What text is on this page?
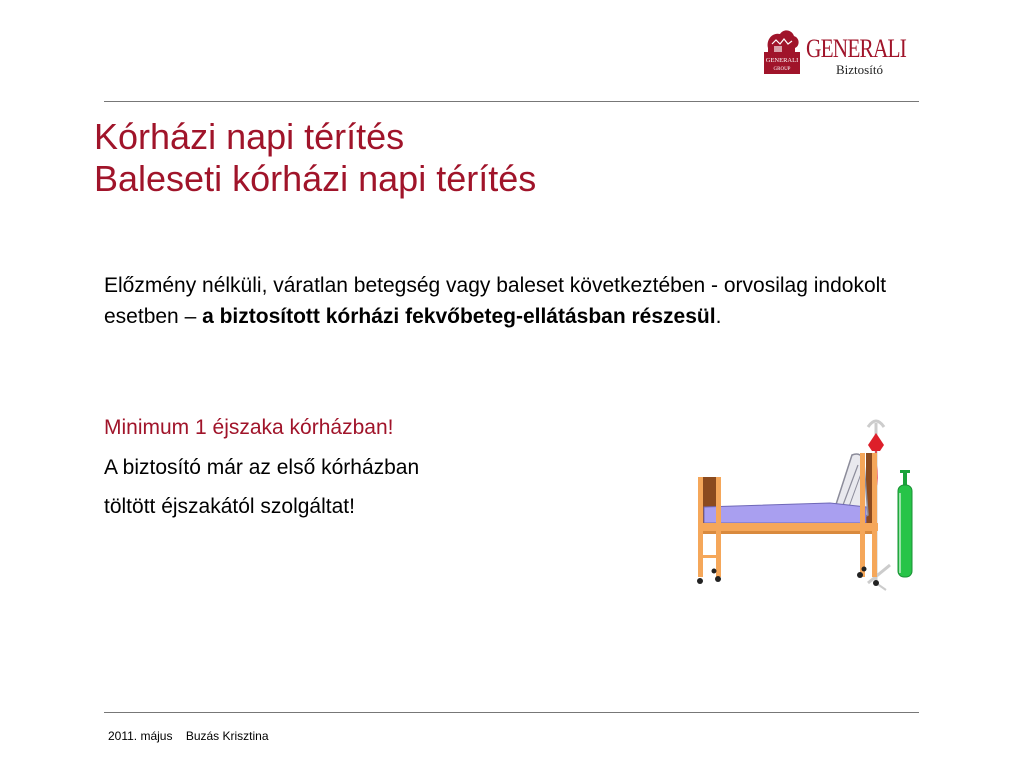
GENERALI
GROUP
GENERALI
Biztosító
Kórházi napi térítés
Baleseti kórházi napi térítés

Előzmény nélküli, váratlan betegség vagy baleset következtében - orvosilag indokolt esetben – a biztosított kórházi fekvőbeteg-ellátásban részesül.

Minimum 1 éjszaka kórházban!

A biztosító már az első kórházban

töltött éjszakától szolgáltat!

2011. május Buzás Krisztina
